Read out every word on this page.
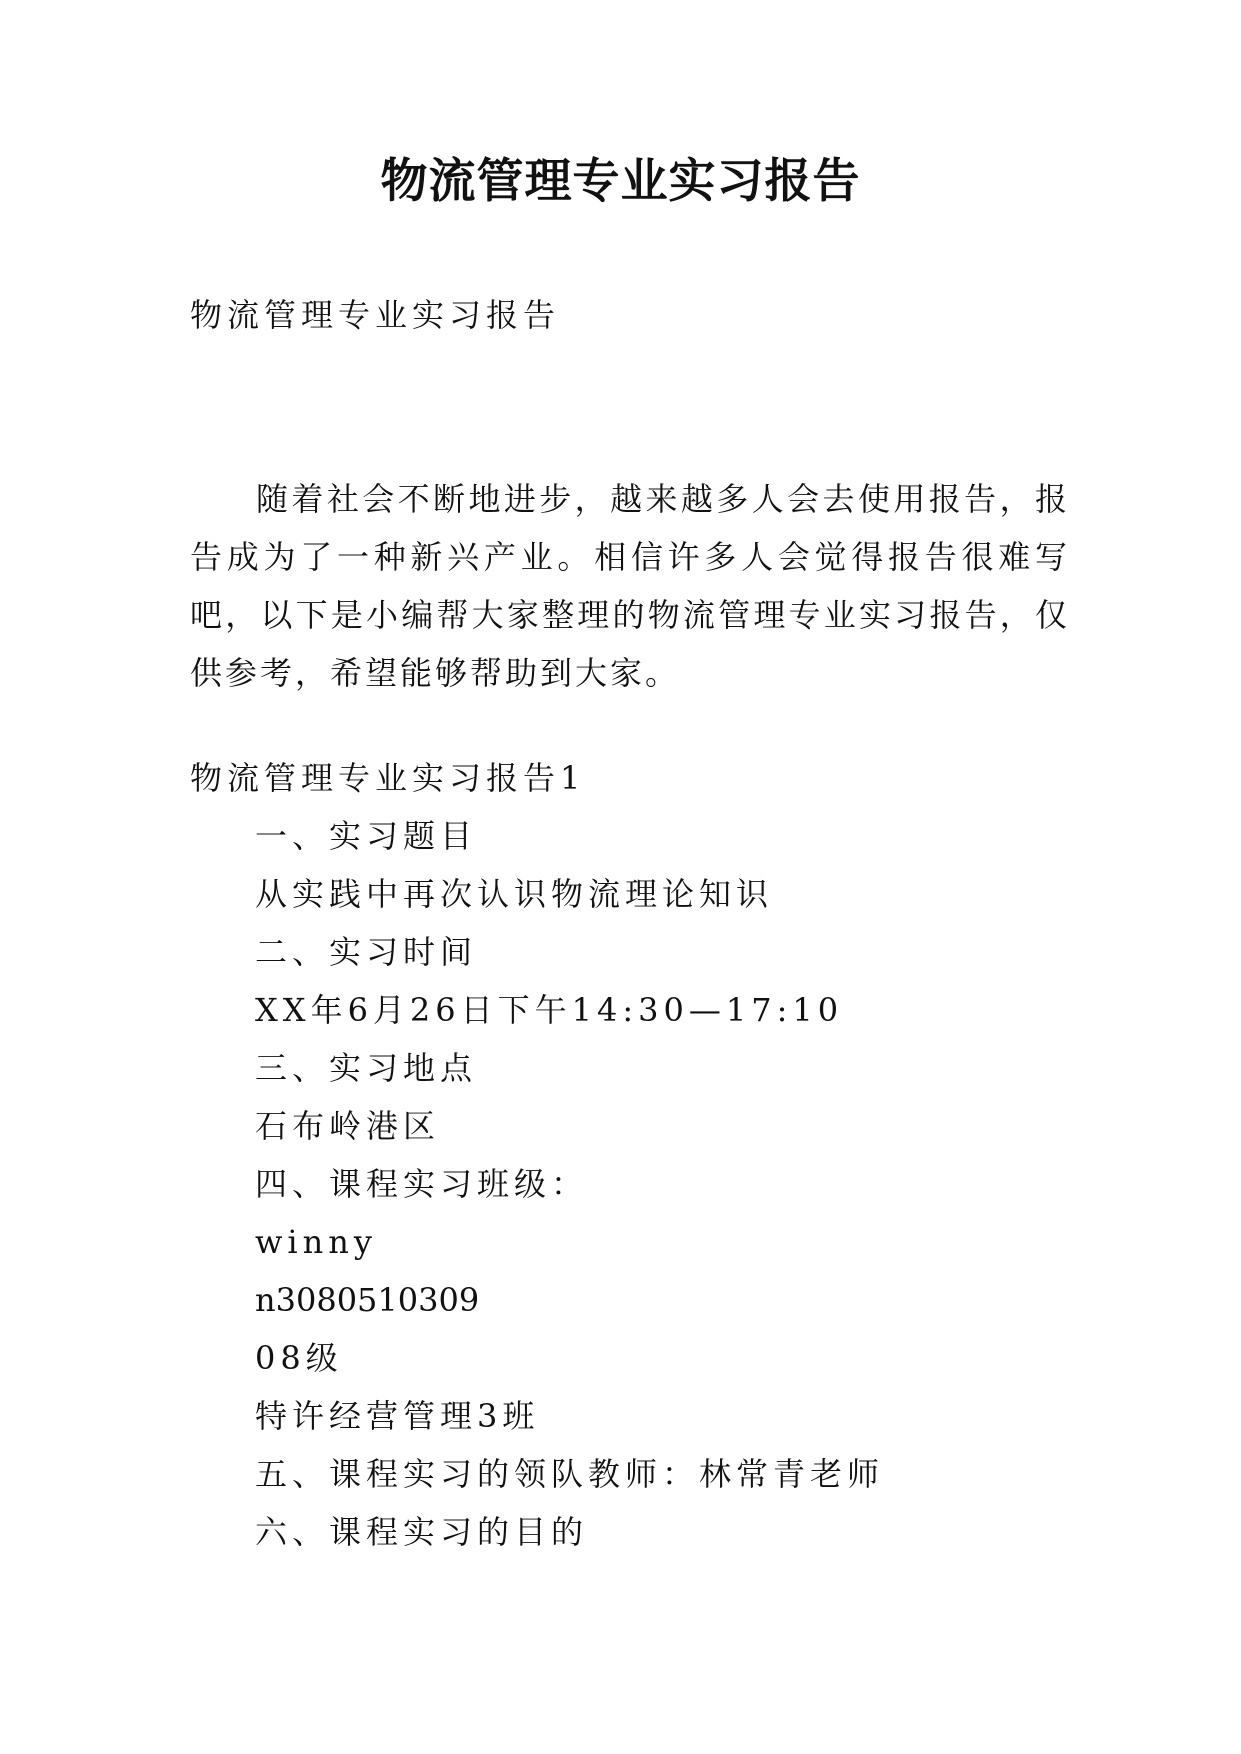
物流管理专业实习报告

物流管理专业实习报告

随着社会不断地进步，越来越多人会去使用报告，报告成为了一种新兴产业。相信许多人会觉得报告很难写吧，以下是小编帮大家整理的物流管理专业实习报告，仅供参考，希望能够帮助到大家。

物流管理专业实习报告1

一、实习题目

从实践中再次认识物流理论知识

二、实习时间

XX年6月26日下午14:30—17:10

三、实习地点

石布岭港区

四、课程实习班级：

winny

n3080510309

08级

特许经营管理3班

五、课程实习的领队教师：林常青老师

六、课程实习的目的
